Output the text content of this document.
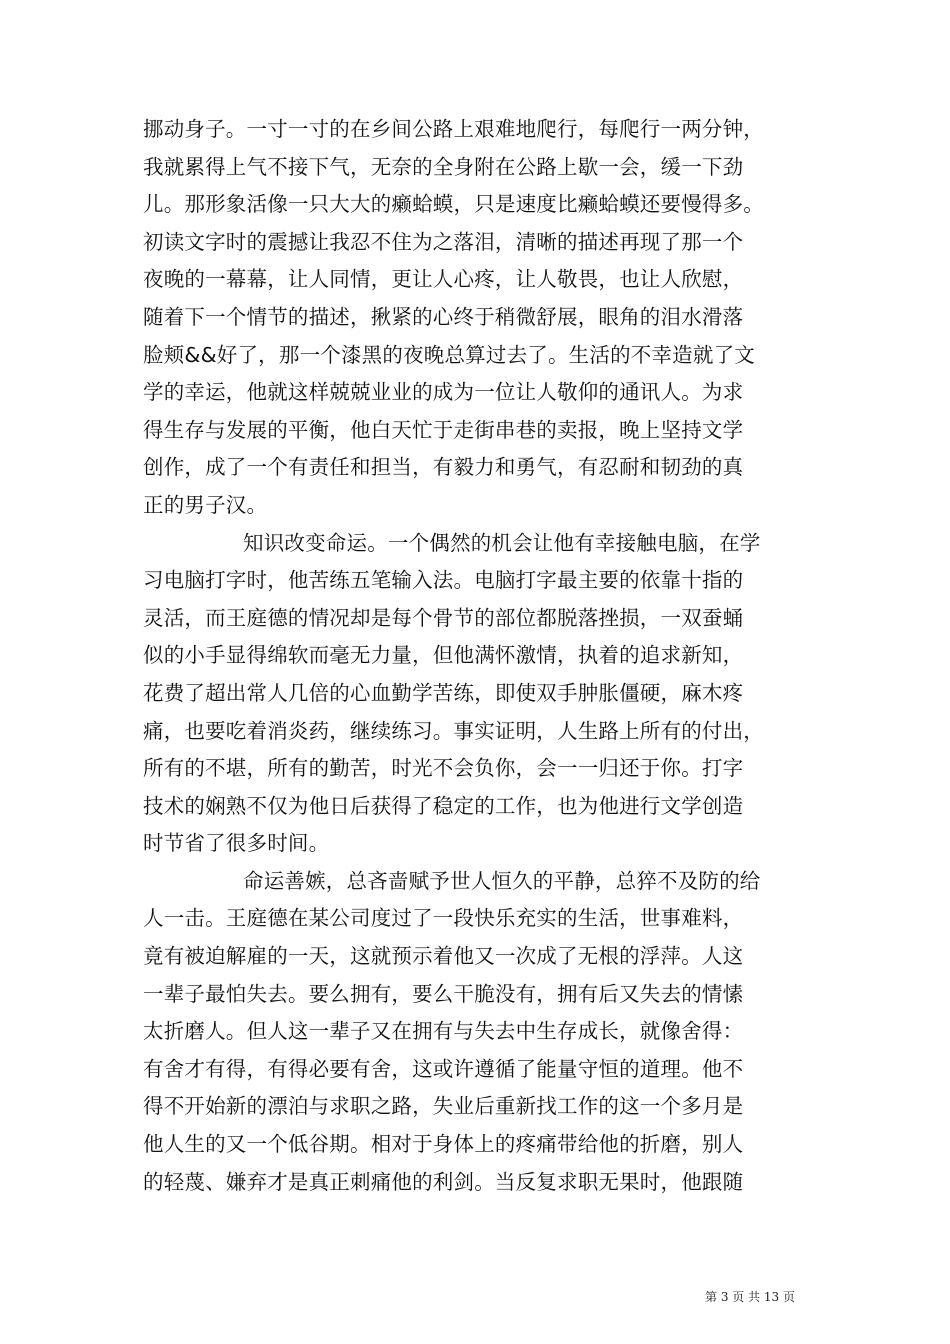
挪动身子。一寸一寸的在乡间公路上艰难地爬行，每爬行一两分钟，
我就累得上气不接下气，无奈的全身附在公路上歇一会，缓一下劲
儿。那形象活像一只大大的癞蛤蟆，只是速度比癞蛤蟆还要慢得多。
初读文字时的震撼让我忍不住为之落泪，清晰的描述再现了那一个
夜晚的一幕幕，让人同情，更让人心疼，让人敬畏，也让人欣慰，
随着下一个情节的描述，揪紧的心终于稍微舒展，眼角的泪水滑落
脸颊&&好了，那一个漆黑的夜晚总算过去了。生活的不幸造就了文
学的幸运，他就这样兢兢业业的成为一位让人敬仰的通讯人。为求
得生存与发展的平衡，他白天忙于走街串巷的卖报，晚上坚持文学
创作，成了一个有责任和担当，有毅力和勇气，有忍耐和韧劲的真
正的男子汉。
知识改变命运。一个偶然的机会让他有幸接触电脑，在学
习电脑打字时，他苦练五笔输入法。电脑打字最主要的依靠十指的
灵活，而王庭德的情况却是每个骨节的部位都脱落挫损，一双蚕蛹
似的小手显得绵软而毫无力量，但他满怀激情，执着的追求新知，
花费了超出常人几倍的心血勤学苦练，即使双手肿胀僵硬，麻木疼
痛，也要吃着消炎药，继续练习。事实证明，人生路上所有的付出，
所有的不堪，所有的勤苦，时光不会负你，会一一归还于你。打字
技术的娴熟不仅为他日后获得了稳定的工作，也为他进行文学创造
时节省了很多时间。
命运善嫉，总吝啬赋予世人恒久的平静，总猝不及防的给
人一击。王庭德在某公司度过了一段快乐充实的生活，世事难料，
竟有被迫解雇的一天，这就预示着他又一次成了无根的浮萍。人这
一辈子最怕失去。要么拥有，要么干脆没有，拥有后又失去的情愫
太折磨人。但人这一辈子又在拥有与失去中生存成长，就像舍得：
有舍才有得，有得必要有舍，这或许遵循了能量守恒的道理。他不
得不开始新的漂泊与求职之路，失业后重新找工作的这一个多月是
他人生的又一个低谷期。相对于身体上的疼痛带给他的折磨，别人
的轻蔑、嫌弃才是真正刺痛他的利剑。当反复求职无果时，他跟随
第 3 页 共 13 页
